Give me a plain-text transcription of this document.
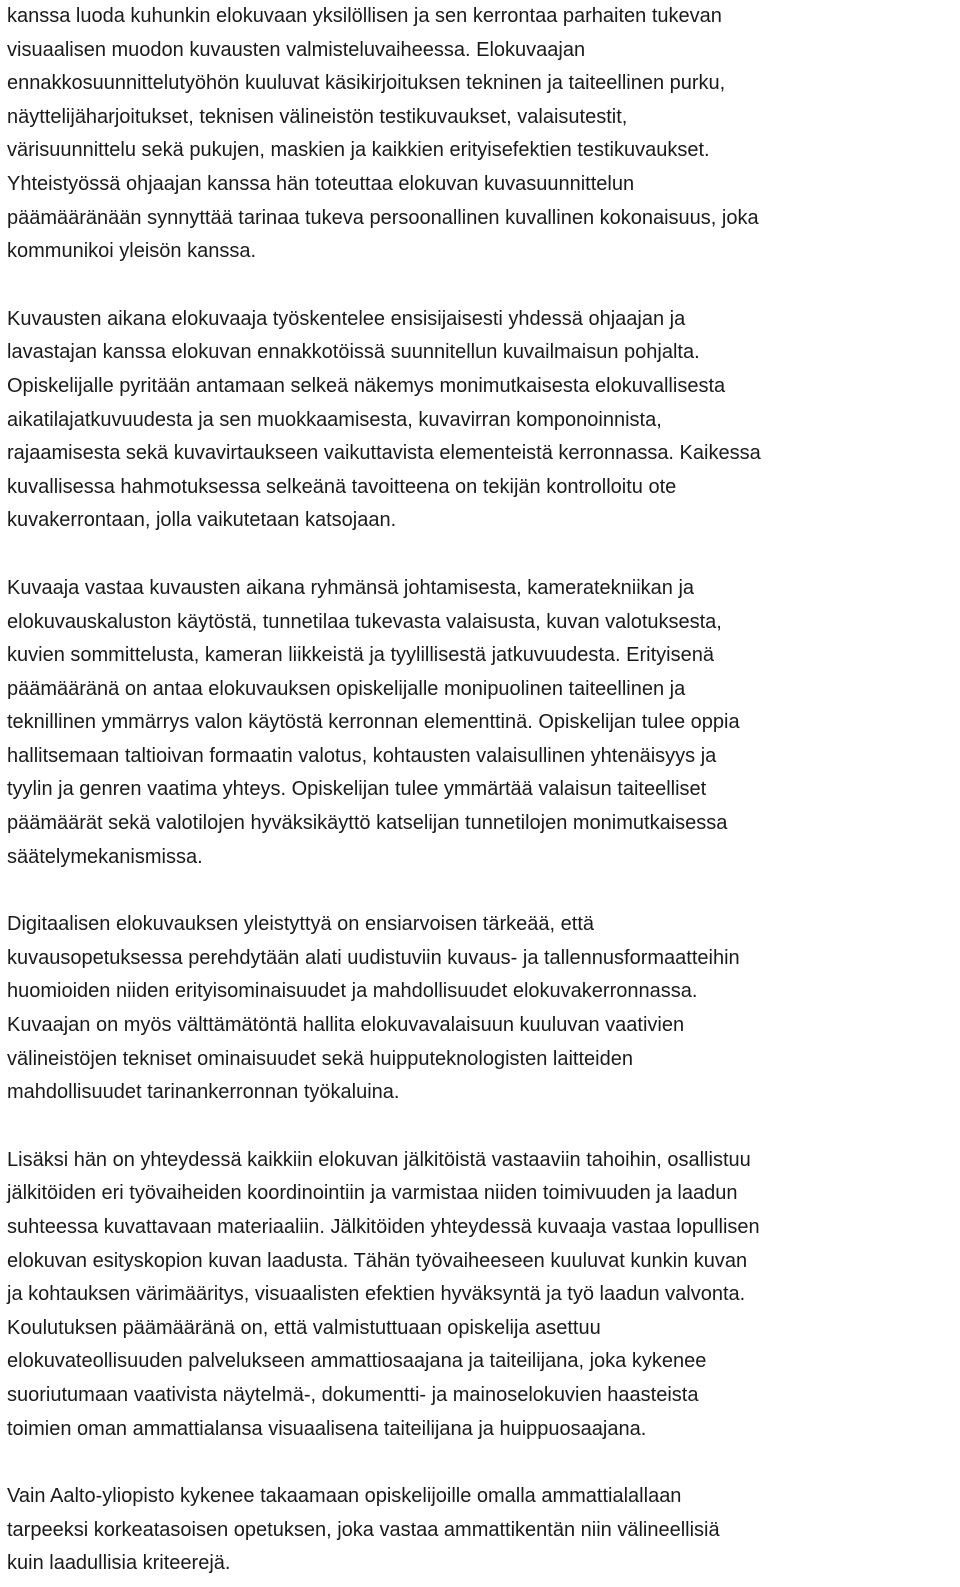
kanssa luoda kuhunkin elokuvaan yksilöllisen ja sen kerrontaa parhaiten tukevan
visuaalisen muodon kuvausten valmisteluvaiheessa. Elokuvaajan
ennakkosuunnittelutyöhön kuuluvat käsikirjoituksen tekninen ja taiteellinen purku,
näyttelijäharjoitukset, teknisen välineistön testikuvaukset, valaisutestit,
värisuunnittelu sekä pukujen, maskien ja kaikkien erityisefektien testikuvaukset.
Yhteistyössä ohjaajan kanssa hän toteuttaa elokuvan kuvasuunnittelun
päämääränään synnyttää tarinaa tukeva persoonallinen kuvallinen kokonaisuus, joka
kommunikoi yleisön kanssa.
Kuvausten aikana elokuvaaja työskentelee ensisijaisesti yhdessä ohjaajan ja
lavastajan kanssa elokuvan ennakkotöissä suunnitellun kuvailmaisun pohjalta.
Opiskelijalle pyritään antamaan selkeä näkemys monimutkaisesta elokuvallisesta
aikatilajatkuvuudesta ja sen muokkaamisesta, kuvavirran komponoinnista,
rajaamisesta sekä kuvavirtaukseen vaikuttavista elementeistä kerronnassa. Kaikessa
kuvallisessa hahmotuksessa selkeänä tavoitteena on tekijän kontrolloitu ote
kuvakerrontaan, jolla vaikutetaan katsojaan.
Kuvaaja vastaa kuvausten aikana ryhmänsä johtamisesta, kameratekniikan ja
elokuvauskaluston käytöstä, tunnetilaa tukevasta valaisusta, kuvan valotuksesta,
kuvien sommittelusta, kameran liikkeistä ja tyylillisestä jatkuvuudesta. Erityisenä
päämääränä on antaa elokuvauksen opiskelijalle monipuolinen taiteellinen ja
teknillinen ymmärrys valon käytöstä kerronnan elementtinä. Opiskelijan tulee oppia
hallitsemaan taltioivan formaatin valotus, kohtausten valaisullinen yhtenäisyys ja
tyylin ja genren vaatima yhteys. Opiskelijan tulee ymmärtää valaisun taiteelliset
päämäärät sekä valotilojen hyväksikäyttö katselijan tunnetilojen monimutkaisessa
säätelymekanismissa.
Digitaalisen elokuvauksen yleistyttyä on ensiarvoisen tärkeää, että
kuvausopetuksessa perehdytään alati uudistuviin kuvaus- ja tallennusformaatteihin
huomioiden niiden erityisominaisuudet ja mahdollisuudet elokuvakerronnassa.
Kuvaajan on myös välttämätöntä hallita elokuvavalaisuun kuuluvan vaativien
välineistöjen tekniset ominaisuudet sekä huipputeknologisten laitteiden
mahdollisuudet tarinankerronnan työkaluina.
Lisäksi hän on yhteydessä kaikkiin elokuvan jälkitöistä vastaaviin tahoihin, osallistuu
jälkitöiden eri työvaiheiden koordinointiin ja varmistaa niiden toimivuuden ja laadun
suhteessa kuvattavaan materiaaliin. Jälkitöiden yhteydessä kuvaaja vastaa lopullisen
elokuvan esityskopion kuvan laadusta. Tähän työvaiheeseen kuuluvat kunkin kuvan
ja kohtauksen värimääritys, visuaalisten efektien hyväksyntä ja työ laadun valvonta.
Koulutuksen päämääränä on, että valmistuttuaan opiskelija asettuu
elokuvateollisuuden palvelukseen ammattiosaajana ja taiteilijana, joka kykenee
suoriutumaan vaativista näytelmä-, dokumentti- ja mainoselokuvien haasteista
toimien oman ammattialansa visuaalisena taiteilijana ja huippuosaajana.
Vain Aalto-yliopisto kykenee takaamaan opiskelijoille omalla ammattialallaan
tarpeeksi korkeatasoisen opetuksen, joka vastaa ammattikentän niin välineellisiä
kuin laadullisia kriteerejä.
